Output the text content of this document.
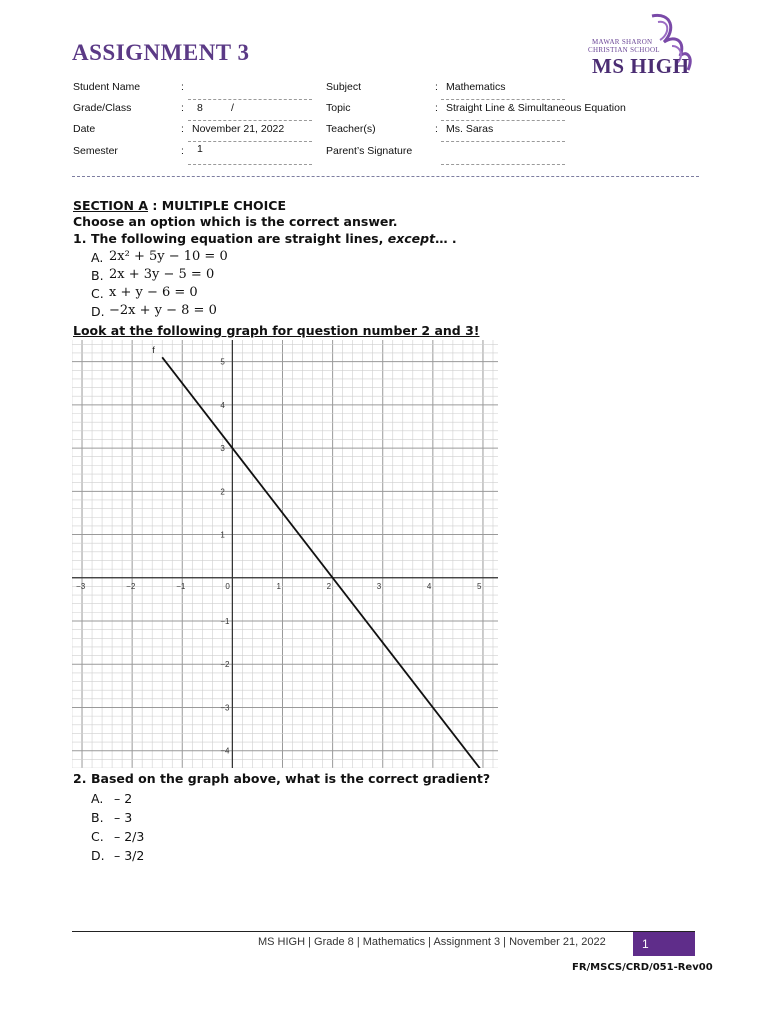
ASSIGNMENT 3	MAWAR SHARON
CHRISTIAN SCHOOL
MS HIGH
Student Name	:
Grade/Class	: 8	/
Date	: November 21, 2022
Semester	: 1
Subject	: Mathematics
Topic	: Straight Line & Simultaneous Equation
Teacher(s)	: Ms. Saras
Parent’s Signature
SECTION A : MULTIPLE CHOICE
Choose an option which is the correct answer.
1. The following equation are straight lines, except… .
A. 2x² + 5y − 10 = 0
B. 2x + 3y − 5 = 0
C. x + y − 6 = 0
D. −2x + y − 8 = 0
Look at the following graph for question number 2 and 3!
−3	−2	−1	0	1	2	3	4	5
5
4
3
2
1
−1
−2
−3
−4
f
2. Based on the graph above, what is the correct gradient?
A. – 2
B. – 3
C. – 2/3
D. – 3/2
MS HIGH | Grade 8 | Mathematics | Assignment 3 | November 21, 2022	1
FR/MSCS/CRD/051-Rev00
